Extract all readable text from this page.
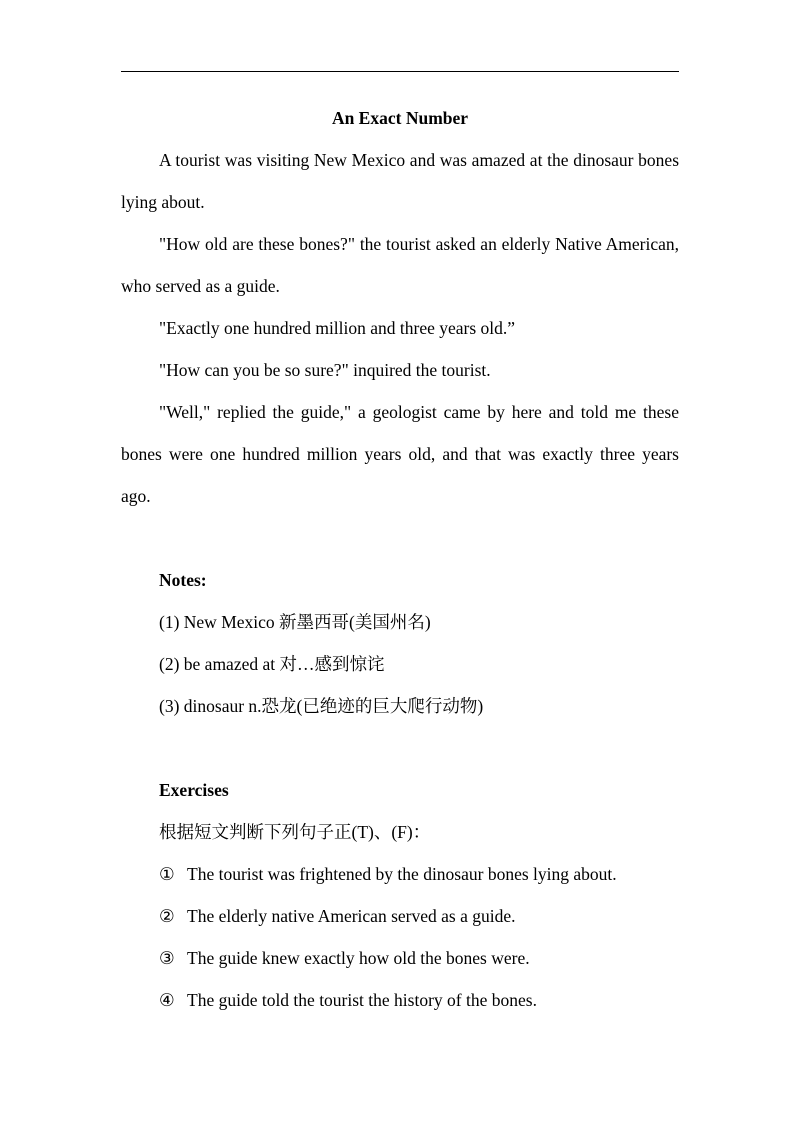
An Exact Number

A tourist was visiting New Mexico and was amazed at the dinosaur bones lying about.

"How old are these bones?" the tourist asked an elderly Native American, who served as a guide.

"Exactly one hundred million and three years old.”

"How can you be so sure?" inquired the tourist.

"Well," replied the guide," a geologist came by here and told me these bones were one hundred million years old, and that was exactly three years ago.

Notes:

(1) New Mexico 新墨西哥(美国州名)

(2) be amazed at 对…感到惊诧

(3) dinosaur n.恐龙(已绝迹的巨大爬行动物)

Exercises

根据短文判断下列句子正(T)、(F)：

① The tourist was frightened by the dinosaur bones lying about.

② The elderly native American served as a guide.

③ The guide knew exactly how old the bones were.

④ The guide told the tourist the history of the bones.
